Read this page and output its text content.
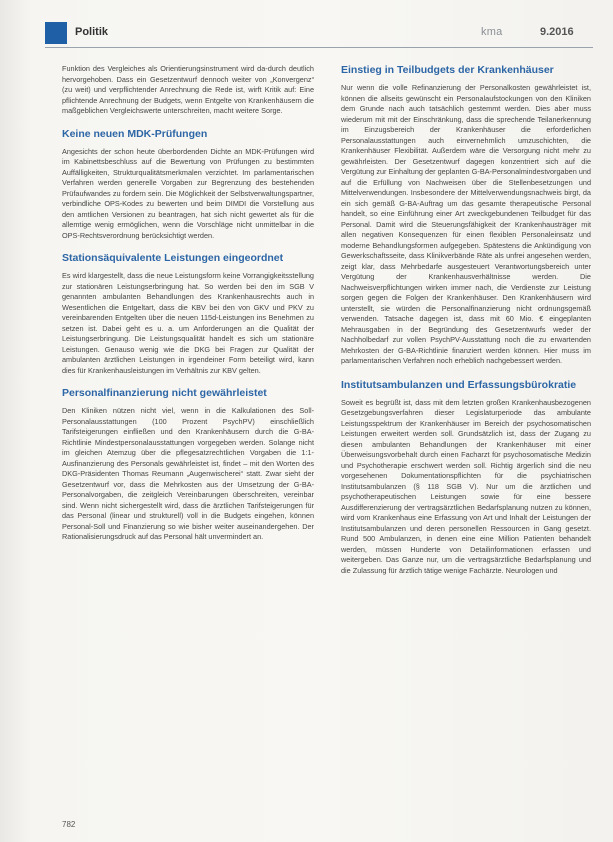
Politik	kma	9.2016

Funktion des Vergleiches als Orientierungsinstrument wird da-durch deutlich hervorgehoben. Dass ein Gesetzentwurf dennoch weiter von „Konvergenz“ (zu weit) und verpflichtender Anrechnung die Rede ist, wirft Kritik auf: Eine pflichtende Anrechnung der Budgets, wenn Entgelte von Krankenhäusern die maßgeblichen Vergleichswerte unterschreiten, macht weitere Sorge.

Keine neuen MDK-Prüfungen

Angesichts der schon heute überbordenden Dichte an MDK-Prüfungen wird im Kabinettsbeschluss auf die Bewertung von Prüfungen zu bestimmten Auffälligkeiten, Strukturqualitätsmerkmalen verzichtet. Im parlamentarischen Verfahren werden generelle Vorgaben zur Begrenzung des bestehenden Prüfaufwandes zu fordern sein. Die Möglichkeit der Selbstverwaltungspartner, verbindliche OPS-Kodes zu bewerten und beim DIMDI die Vorstellung aus den amtlichen Versionen zu beantragen, hat sich nicht gewertet als für die allemtige wenig ermöglichen, wenn die Vorschläge nicht unmittelbar in die OPS-Rechtsverordnung berücksichtigt werden.

Stationsäquivalente Leistungen eingeordnet

Es wird klargestellt, dass die neue Leistungsform keine Vorrangigkeitsstellung zur stationären Leistungserbringung hat. So werden bei den im SGB V genannten ambulanten Behandlungen des Krankenhausrechts auch in Wesentlichen die Entgeltart, dass die KBV bei den von GKV und PKV zu vereinbarenden Entgelten über die neuen 115d-Leistungen ins Benehmen zu setzen ist. Dabei geht es u. a. um Anforderungen an die Qualität der Leistungserbringung. Die Leistungsqualität handelt es sich um stationäre Leistungen. Genauso wenig wie die DKG bei Fragen zur Qualität der ambulanten ärztlichen Leistungen in irgendeiner Form beteiligt wird, kann dies für Krankenhausleistungen im Verhältnis zur KBV gelten.

Personalfinanzierung nicht gewährleistet

Den Kliniken nützen nicht viel, wenn in die Kalkulationen des Soll-Personalausstattungen (100 Prozent PsychPV) einschließlich Tarifsteigerungen einfließen und den Krankenhäusern durch die G-BA-Richtlinie Mindestpersonalausstattungen vorgegeben werden. Solange nicht im gleichen Atemzug über die pflegesatzrechtlichen Vorgaben die 1:1-Ausfinanzierung des Personals gewährleistet ist, findet – mit den Worten des DKG-Präsidenten Thomas Reumann „Augenwischerei“ statt. Zwar sieht der Gesetzentwurf vor, dass die Mehrkosten aus der Umsetzung der G-BA-Personalvorgaben, die zeitgleich Vereinbarungen überschreiten, vereinbar sind. Wenn nicht sichergestellt wird, dass die ärztlichen Tarifsteigerungen für das Personal (linear und strukturell) voll in die Budgets eingehen, können Personal-Soll und Finanzierung so wie bisher weiter auseinandergehen. Der Rationalisierungsdruck auf das Personal hält unvermindert an.

Einstieg in Teilbudgets der Krankenhäuser

Nur wenn die volle Refinanzierung der Personalkosten gewährleistet ist, können die allseits gewünscht ein Personalaufstockungen von den Kliniken dem Grunde nach auch tatsächlich gestemmt werden. Dies aber muss wiederum mit mit der Einschränkung, dass die sprechende Teilanerkennung im Einzugsbereich der Krankenhäuser die erforderlichen Personalausstattungen auch einvernehmlich umzuschichten, die Krankenhäuser Flexibilität. Außerdem wäre die Versorgung nicht mehr zu gewährleisten. Der Gesetzentwurf dagegen konzentriert sich auf die Vergütung zur Einhaltung der geplanten G-BA-Personalmindestvorgaben und auf die Erfüllung von Nachweisen über die Stellenbesetzungen und Mittelverwendungen. Insbesondere der Mittelverwendungsnachweis birgt, da ein sich gemäß G-BA-Auftrag um das gesamte therapeutische Personal handelt, so eine Einführung einer Art zweckgebundenen Teilbudget für das Personal. Damit wird die Steuerungsfähigkeit der Krankenhausträger mit allen negativen Konsequenzen für einen flexiblen Personaleinsatz und moderne Behandlungsformen aufgegeben. Spätestens die Ankündigung von Gewerkschaftsseite, dass Klinikverbände Räte als unfrei angesehen werden, zeigt klar, dass Mehrbedarfe ausgesteuert Verantwortungsbereich unter Vergütung der Krankenhausverhältnisse werden. Die Nachweisverpflichtungen wirken immer nach, die Verdienste zur Leistung sorgen gegen die Folgen der Krankenhäuser. Den Krankenhäusern wird unterstellt, sie würden die Personalfinanzierung nicht ordnungsgemäß verwenden. Tatsache dagegen ist, dass mit 60 Mio. € eingeplanten Mehrausgaben in der Begründung des Gesetzentwurfs weder der Nachholbedarf zur vollen PsychPV-Ausstattung noch die zu erwartenden Mehrkosten der G-BA-Richtlinie finanziert werden können. Hier muss im parlamentarischen Verfahren noch erheblich nachgebessert werden.

Institutsambulanzen und Erfassungsbürokratie

Soweit es begrüßt ist, dass mit dem letzten großen Krankenhausbezogenen Gesetzgebungsverfahren dieser Legislaturperiode das ambulante Leistungsspektrum der Krankenhäuser im Bereich der psychosomatischen Leistungen erweitert werden soll. Grundsätzlich ist, dass der Zugang zu diesen ambulanten Behandlungen der Krankenhäuser mit einer Überweisungsvorbehalt durch einen Facharzt für psychosomatische Medizin und Psychotherapie erschwert werden soll. Richtig ärgerlich sind die neu vorgesehenen Dokumentationspflichten für die psychiatrischen Institutsambulanzen (§ 118 SGB V). Nur um die ärztlichen und psychotherapeutischen Leistungen sowie für eine bessere Ausdifferenzierung der vertragsärztlichen Bedarfsplanung nutzen zu können, wird vom Krankenhaus eine Erfassung von Art und Inhalt der Leistungen der Institutsambulanzen und deren personellen Ressourcen in Gang gesetzt. Rund 500 Ambulanzen, in denen eine eine Million Patienten behandelt werden, müssen Hunderte von Detailinformationen erfassen und weitergeben. Das Ganze nur, um die vertragsärztliche Bedarfsplanung und die Zulassung für ärztlich tätige wenige Fachärzte. Neurologen und

782
